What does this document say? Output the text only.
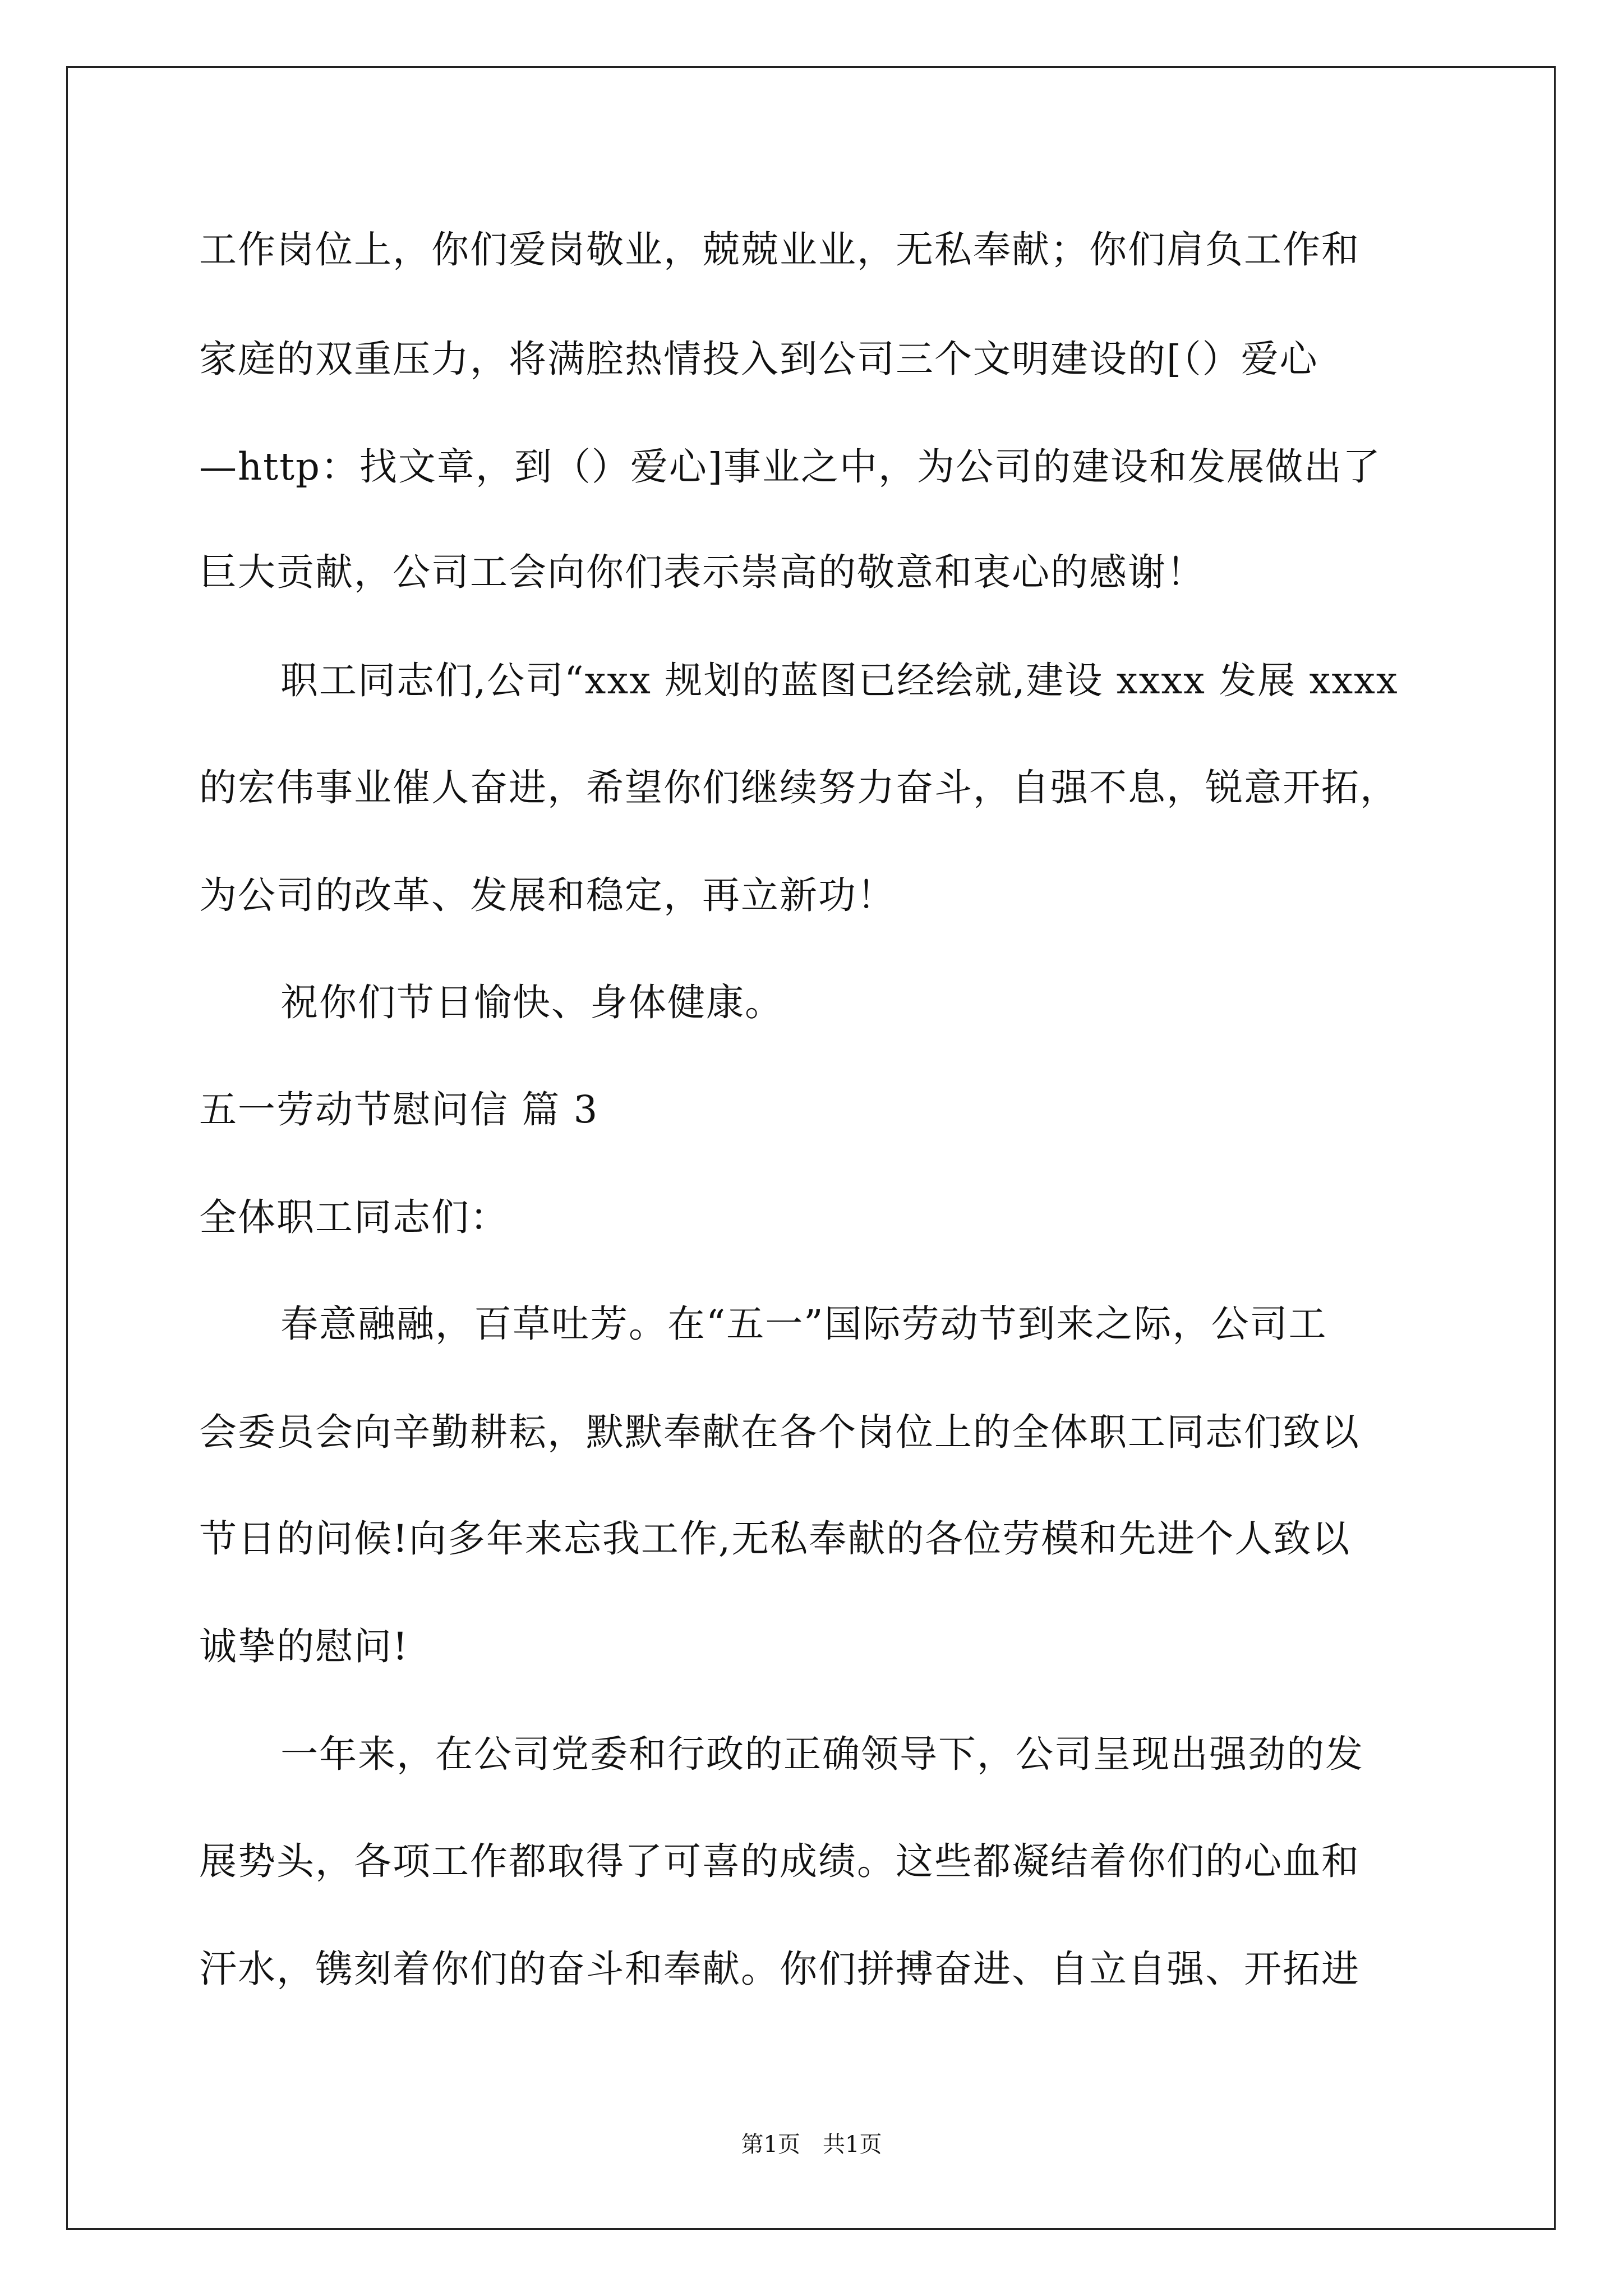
工作岗位上，你们爱岗敬业，兢兢业业，无私奉献；你们肩负工作和
家庭的双重压力，将满腔热情投入到公司三个文明建设的[（）爱心
—http：找文章，到（）爱心]事业之中，为公司的建设和发展做出了
巨大贡献，公司工会向你们表示崇高的敬意和衷心的感谢！
职工同志们,公司“xxx 规划的蓝图已经绘就,建设 xxxx 发展 xxxx
的宏伟事业催人奋进，希望你们继续努力奋斗，自强不息，锐意开拓，
为公司的改革、发展和稳定，再立新功！
祝你们节日愉快、身体健康。
五一劳动节慰问信 篇 3
全体职工同志们：
春意融融，百草吐芳。在“五一”国际劳动节到来之际，公司工
会委员会向辛勤耕耘，默默奉献在各个岗位上的全体职工同志们致以
节日的问候!向多年来忘我工作,无私奉献的各位劳模和先进个人致以
诚挚的慰问!
一年来，在公司党委和行政的正确领导下，公司呈现出强劲的发
展势头，各项工作都取得了可喜的成绩。这些都凝结着你们的心血和
汗水，镌刻着你们的奋斗和奉献。你们拼搏奋进、自立自强、开拓进
第1页　共1页
